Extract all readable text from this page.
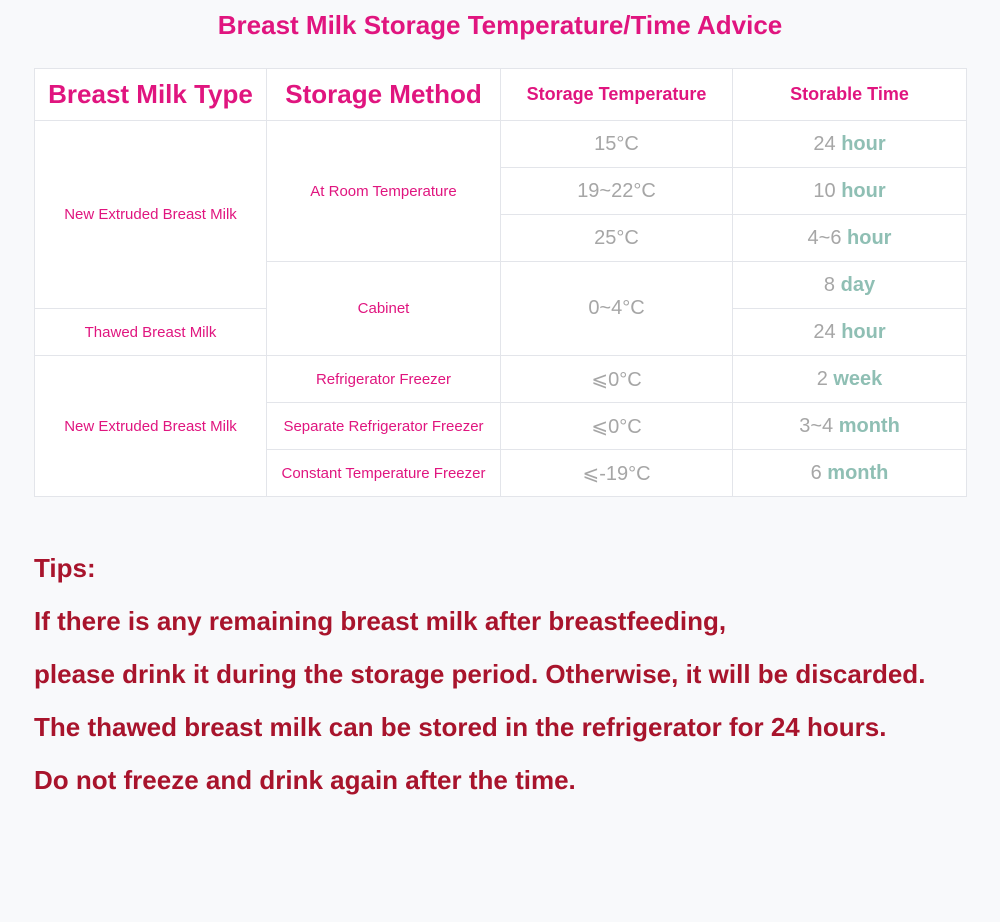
Breast Milk Storage Temperature/Time Advice
Breast Milk Type	Storage Method	Storage Temperature	Storable Time
New Extruded Breast Milk	At Room Temperature	15°C	24 hour
		19~22°C	10 hour
		25°C	4~6 hour
	Cabinet	0~4°C	8 day
Thawed Breast Milk			24 hour
New Extruded Breast Milk	Refrigerator Freezer	⩽0°C	2 week
	Separate Refrigerator Freezer	⩽0°C	3~4 month
	Constant Temperature Freezer	⩽-19°C	6 month
Tips:
If there is any remaining breast milk after breastfeeding,
please drink it during the storage period. Otherwise, it will be discarded.
The thawed breast milk can be stored in the refrigerator for 24 hours.
Do not freeze and drink again after the time.
